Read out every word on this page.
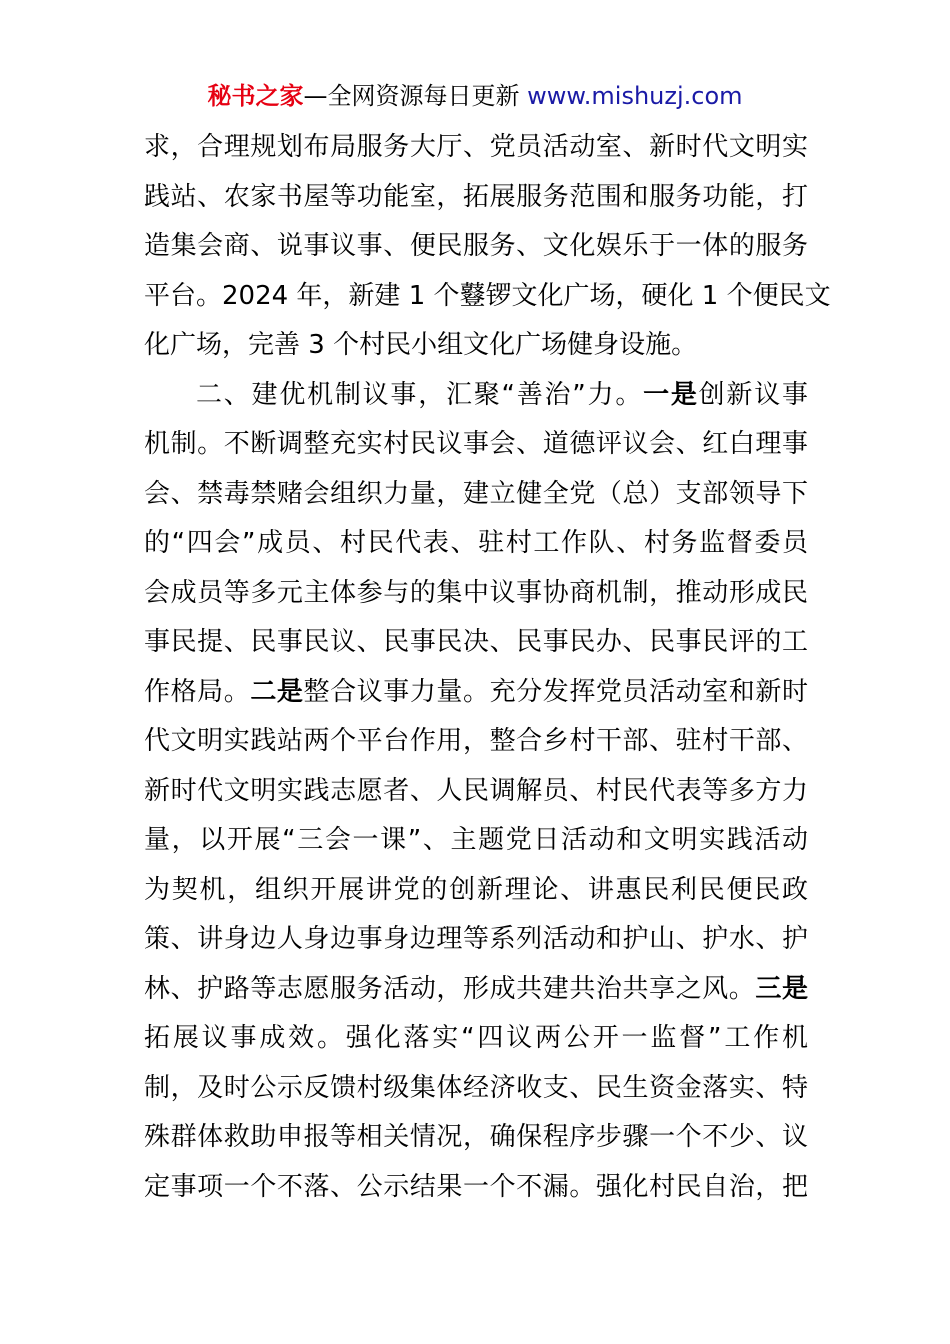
秘书之家—全网资源每日更新 www.mishuzj.com
求，合理规划布局服务大厅、党员活动室、新时代文明实
践站、农家书屋等功能室，拓展服务范围和服务功能，打
造集会商、说事议事、便民服务、文化娱乐于一体的服务
平台。2024 年，新建 1 个鼟锣文化广场，硬化 1 个便民文
化广场，完善 3 个村民小组文化广场健身设施。
二、建优机制议事，汇聚“善治”力。一是创新议事
机制。不断调整充实村民议事会、道德评议会、红白理事
会、禁毒禁赌会组织力量，建立健全党（总）支部领导下
的“四会”成员、村民代表、驻村工作队、村务监督委员
会成员等多元主体参与的集中议事协商机制，推动形成民
事民提、民事民议、民事民决、民事民办、民事民评的工
作格局。二是整合议事力量。充分发挥党员活动室和新时
代文明实践站两个平台作用，整合乡村干部、驻村干部、
新时代文明实践志愿者、人民调解员、村民代表等多方力
量，以开展“三会一课”、主题党日活动和文明实践活动
为契机，组织开展讲党的创新理论、讲惠民利民便民政
策、讲身边人身边事身边理等系列活动和护山、护水、护
林、护路等志愿服务活动，形成共建共治共享之风。三是
拓展议事成效。强化落实“四议两公开一监督”工作机
制，及时公示反馈村级集体经济收支、民生资金落实、特
殊群体救助申报等相关情况，确保程序步骤一个不少、议
定事项一个不落、公示结果一个不漏。强化村民自治，把
